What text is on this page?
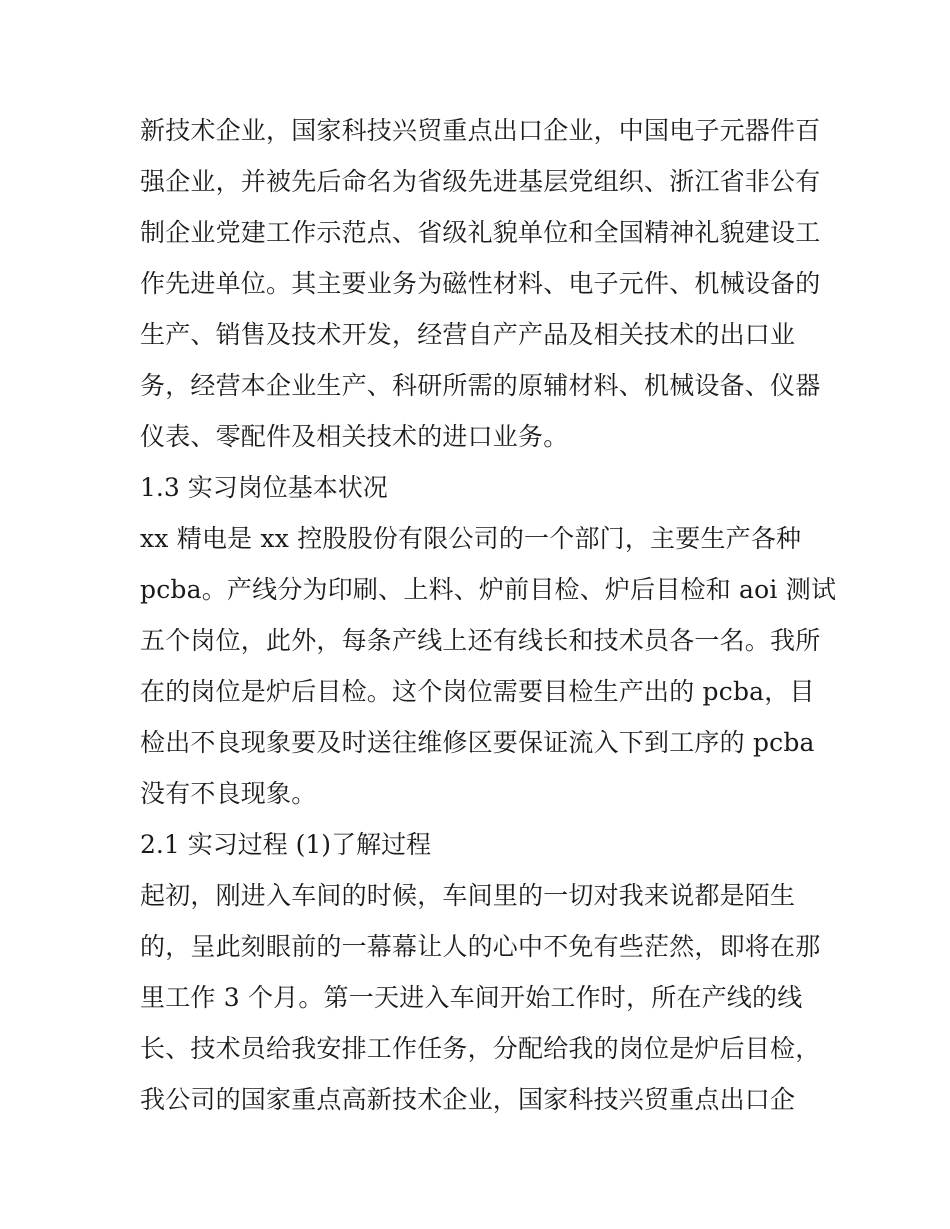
新技术企业，国家科技兴贸重点出口企业，中国电子元器件百
强企业，并被先后命名为省级先进基层党组织、浙江省非公有
制企业党建工作示范点、省级礼貌单位和全国精神礼貌建设工
作先进单位。其主要业务为磁性材料、电子元件、机械设备的
生产、销售及技术开发，经营自产产品及相关技术的出口业
务，经营本企业生产、科研所需的原辅材料、机械设备、仪器
仪表、零配件及相关技术的进口业务。
1.3 实习岗位基本状况
xx 精电是 xx 控股股份有限公司的一个部门，主要生产各种
pcba。产线分为印刷、上料、炉前目检、炉后目检和 aoi 测试
五个岗位，此外，每条产线上还有线长和技术员各一名。我所
在的岗位是炉后目检。这个岗位需要目检生产出的 pcba，目
检出不良现象要及时送往维修区要保证流入下到工序的 pcba
没有不良现象。
2.1 实习过程 (1)了解过程
起初，刚进入车间的时候，车间里的一切对我来说都是陌生
的，呈此刻眼前的一幕幕让人的心中不免有些茫然，即将在那
里工作 3 个月。第一天进入车间开始工作时，所在产线的线
长、技术员给我安排工作任务，分配给我的岗位是炉后目检，
我公司的国家重点高新技术企业，国家科技兴贸重点出口企
